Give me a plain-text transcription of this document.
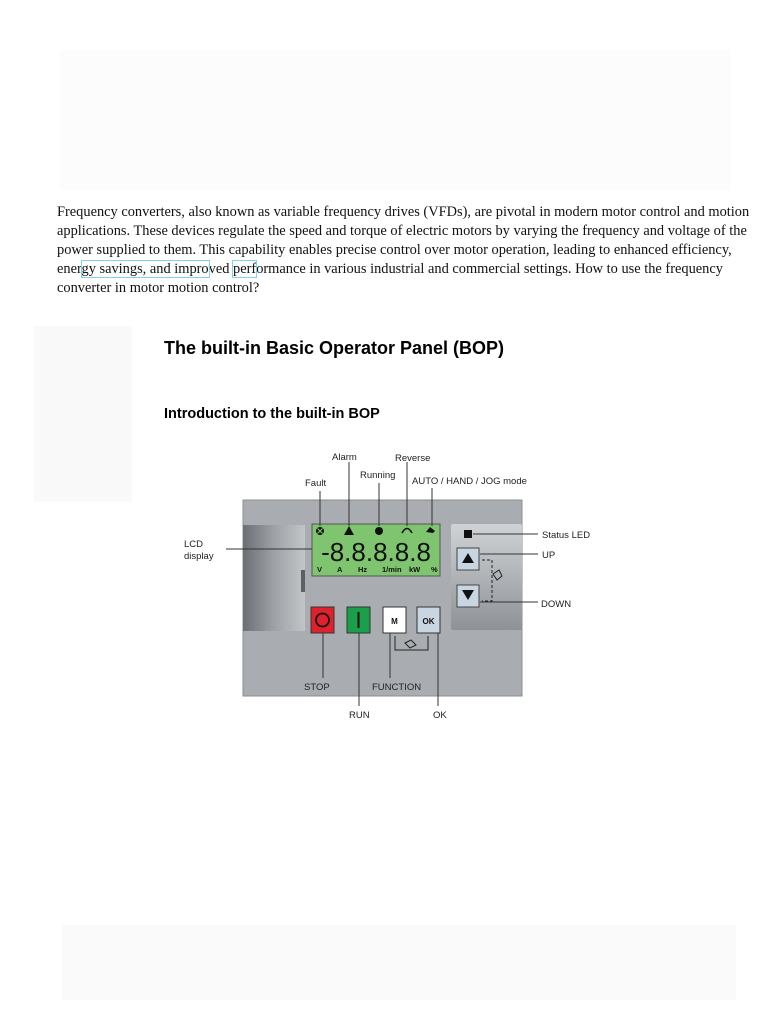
Frequency converters, also known as variable frequency drives (VFDs), are pivotal in modern motor control and motion applications. These devices regulate the speed and torque of electric motors by varying the frequency and voltage of the power supplied to them. This capability enables precise control over motor operation, leading to enhanced efficiency, energy savings, and improved performance in various industrial and commercial settings. How to use the frequency converter in motor motion control?
The built-in Basic Operator Panel (BOP)
Introduction to the built-in BOP
-8.8.8.8.8
V A Hz 1/min kW %
M	OK
Fault
Alarm
Running
Reverse
AUTO / HAND / JOG mode
LCD
display
Status LED
UP
DOWN
STOP	FUNCTION
RUN	OK
